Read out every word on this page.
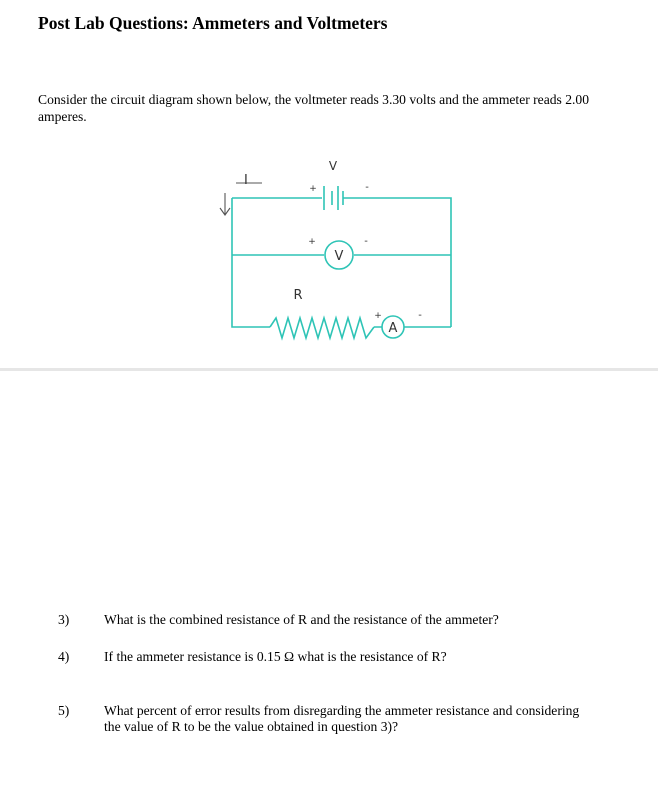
Post Lab Questions: Ammeters and Voltmeters
Consider the circuit diagram shown below, the voltmeter reads 3.30 volts and the ammeter reads 2.00 amperes.
I
V
+	-
V
+	-
R
A
+	-
3)	What is the combined resistance of R and the resistance of the ammeter?
4)	If the ammeter resistance is 0.15 Ω what is the resistance of R?
5)	What percent of error results from disregarding the ammeter resistance and considering the value of R to be the value obtained in question 3)?
